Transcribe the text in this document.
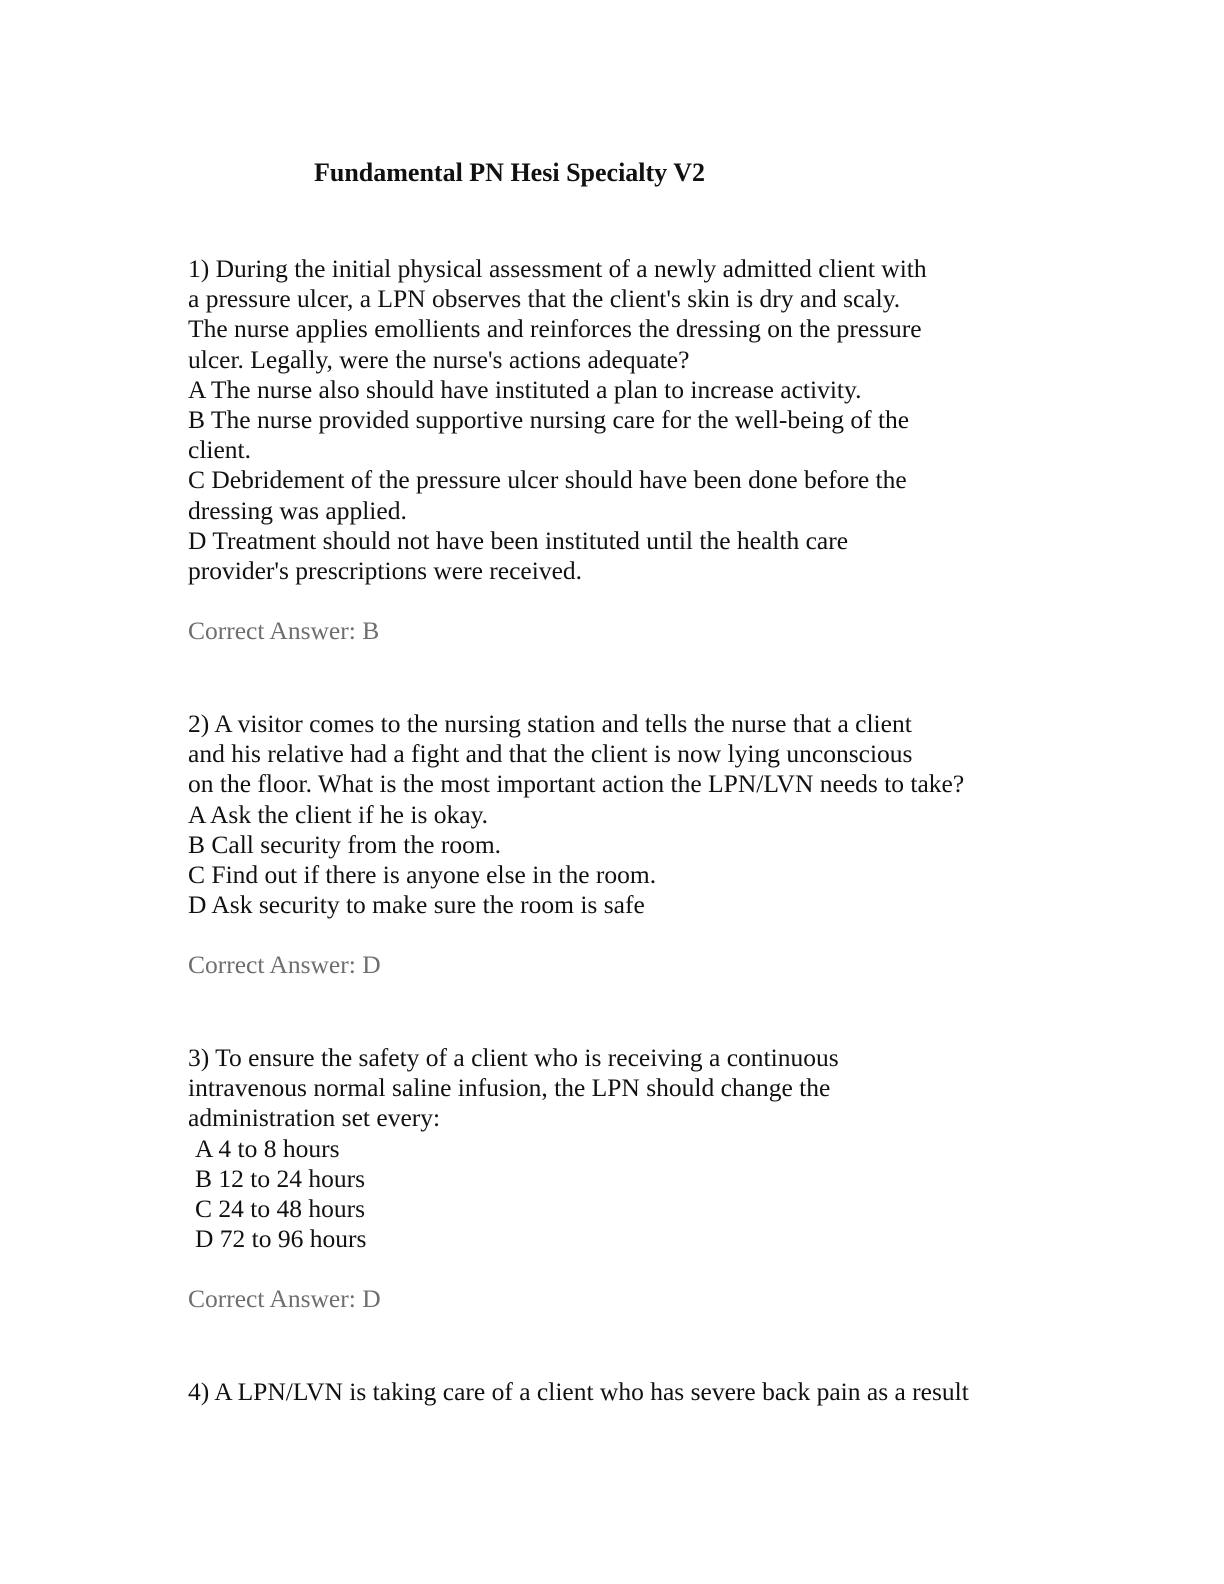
Fundamental PN Hesi Specialty V2
1) During the initial physical assessment of a newly admitted client with
a pressure ulcer, a LPN observes that the client's skin is dry and scaly.
The nurse applies emollients and reinforces the dressing on the pressure
ulcer. Legally, were the nurse's actions adequate?
A The nurse also should have instituted a plan to increase activity.
B The nurse provided supportive nursing care for the well-being of the
client.
C Debridement of the pressure ulcer should have been done before the
dressing was applied.
D Treatment should not have been instituted until the health care
provider's prescriptions were received.
Correct Answer: B
2) A visitor comes to the nursing station and tells the nurse that a client
and his relative had a fight and that the client is now lying unconscious
on the floor. What is the most important action the LPN/LVN needs to take?
A Ask the client if he is okay.
B Call security from the room.
C Find out if there is anyone else in the room.
D Ask security to make sure the room is safe
Correct Answer: D
3) To ensure the safety of a client who is receiving a continuous
intravenous normal saline infusion, the LPN should change the
administration set every:
A 4 to 8 hours
B 12 to 24 hours
C 24 to 48 hours
D 72 to 96 hours
Correct Answer: D
4) A LPN/LVN is taking care of a client who has severe back pain as a result
